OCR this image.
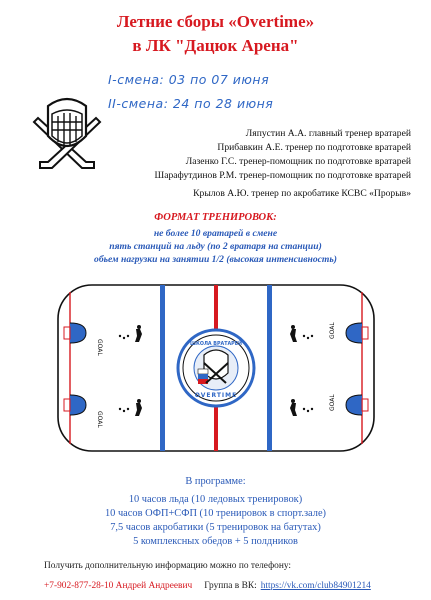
Летние сборы «Overtime»
в ЛК "Дацюк Арена"
I-смена: 03 по 07 июня
II-смена: 24 по 28 июня
Ляпустин А.А. главный тренер вратарей
Прибавкин А.Е. тренер по подготовке вратарей
Лазенко Г.С. тренер-помощник по подготовке вратарей
Шарафутдинов Р.М. тренер-помощник по подготовке вратарей
Крылов А.Ю. тренер по акробатике КСВС «Прорыв»
ФОРМАТ ТРЕНИРОВОК:
не более 10 вратарей в смене
пять станций на льду (по 2 вратаря на станции)
обьем нагрузки на занятии 1/2 (высокая интенсивность)
GOAL
GOAL
GOAL
GOAL
ШКОЛА ВРАТАРЕЙ
OVERTIME
В программе:
10 часов льда (10 ледовых тренировок)
10 часов ОФП+СФП (10 тренировок в спорт.зале)
7,5 часов акробатики (5 тренировок на батутах)
5 комплексных обедов + 5 полдников
Получить дополнительную информацию можно по телефону:
+7-902-877-28-10 Андрей Андреевич Группа в ВК: https://vk.com/club84901214
